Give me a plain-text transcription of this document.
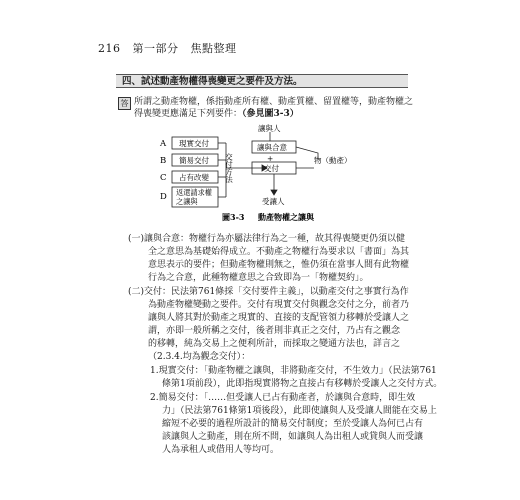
216 第一部分 焦點整理
四、試述動產物權得喪變更之要件及方法。
答 所謂之動產物權，係指動產所有權、動產質權、留置權等，動產物權之
得喪變更應滿足下列要件：（參見圖3-3）
A
B
C
D
現實交付
簡易交付
占有改變
返還請求權
之讓與
交付方法
讓與人
讓與合意
+
交付
物（動產）
受讓人
圖3-3 動產物權之讓與
(一)讓與合意：物權行為亦屬法律行為之一種，故其得喪變更仍須以健
全之意思為基礎始得成立。不動產之物權行為要求以「書面」為其
意思表示的要件；但動產物權則無之，惟仍須在當事人間有此物權
行為之合意，此種物權意思之合致即為一「物權契約」。
(二)交付：民法第761條採「交付要件主義」，以動產交付之事實行為作
為動產物權變動之要件。交付有現實交付與觀念交付之分，前者乃
讓與人將其對於動產之現實的、直接的支配管領力移轉於受讓人之
謂，亦即一般所稱之交付，後者則非真正之交付，乃占有之觀念
的移轉，純為交易上之便利所計，而採取之變通方法也，詳言之
（2.3.4.均為觀念交付）：
1.現實交付：「動產物權之讓與，非將動產交付，不生效力」（民法第761
條第1項前段），此即指現實將物之直接占有移轉於受讓人之交付方式。
2.簡易交付：「……但受讓人已占有動產者，於讓與合意時，即生效
力」（民法第761條第1項後段），此即使讓與人及受讓人間能在交易上
縮短不必要的過程所設計的簡易交付制度；至於受讓人為何已占有
該讓與人之動產，則在所不問，如讓與人為出租人或貸與人而受讓
人為承租人或借用人等均可。
